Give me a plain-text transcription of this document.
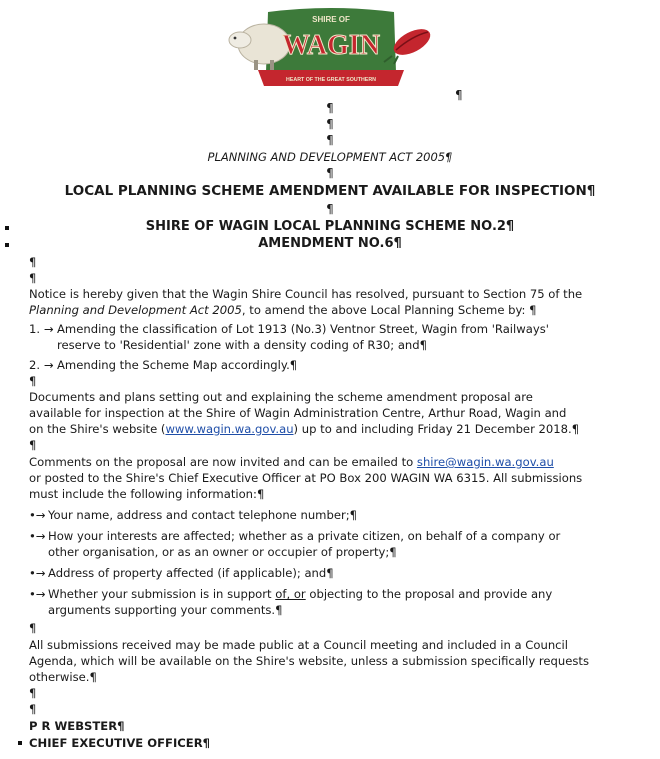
SHIRE OF
WAGIN
HEART OF THE GREAT SOUTHERN
¶
¶
¶
¶
PLANNING AND DEVELOPMENT ACT 2005¶
¶
LOCAL PLANNING SCHEME AMENDMENT AVAILABLE FOR INSPECTION¶
¶
SHIRE OF WAGIN LOCAL PLANNING SCHEME NO.2¶
AMENDMENT NO.6¶
¶
¶
Notice is hereby given that the Wagin Shire Council has resolved, pursuant to Section 75 of the
Planning and Development Act 2005, to amend the above Local Planning Scheme by: ¶
1. → Amending the classification of Lot 1913 (No.3) Ventnor Street, Wagin from 'Railways'
reserve to 'Residential' zone with a density coding of R30; and¶
2. → Amending the Scheme Map accordingly.¶
¶
Documents and plans setting out and explaining the scheme amendment proposal are
available for inspection at the Shire of Wagin Administration Centre, Arthur Road, Wagin and
on the Shire's website (www.wagin.wa.gov.au) up to and including Friday 21 December 2018.¶
¶
Comments on the proposal are now invited and can be emailed to shire@wagin.wa.gov.au
or posted to the Shire's Chief Executive Officer at PO Box 200 WAGIN WA 6315. All submissions
must include the following information:¶
•→ Your name, address and contact telephone number;¶
•→ How your interests are affected; whether as a private citizen, on behalf of a company or
other organisation, or as an owner or occupier of property;¶
•→ Address of property affected (if applicable); and¶
•→ Whether your submission is in support of, or objecting to the proposal and provide any
arguments supporting your comments.¶
¶
All submissions received may be made public at a Council meeting and included in a Council
Agenda, which will be available on the Shire's website, unless a submission specifically requests
otherwise.¶
¶
¶
P R WEBSTER¶
CHIEF EXECUTIVE OFFICER¶
